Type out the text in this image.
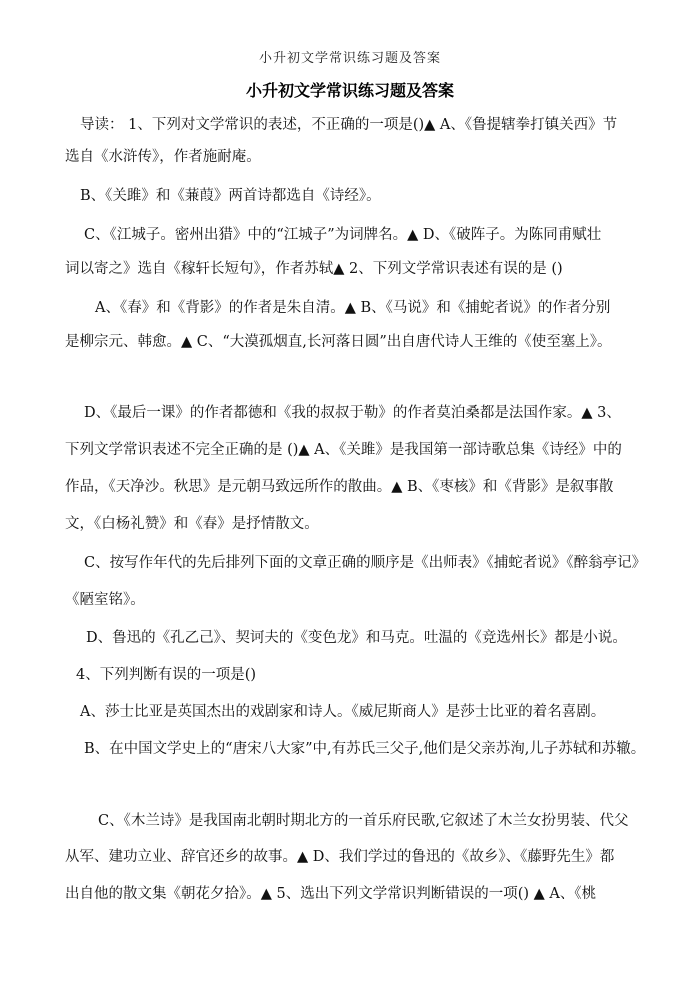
小升初文学常识练习题及答案
小升初文学常识练习题及答案
导读： 1、下列对文学常识的表述，不正确的一项是()▲ A、《鲁提辖拳打镇关西》节
选自《水浒传》，作者施耐庵。
B、《关雎》和《蒹葭》两首诗都选自《诗经》。
C、《江城子。密州出猎》中的“江城子”为词牌名。▲ D、《破阵子。为陈同甫赋壮
词以寄之》选自《稼轩长短句》，作者苏轼▲ 2、下列文学常识表述有误的是 ()
A、《春》和《背影》的作者是朱自清。▲ B、《马说》和《捕蛇者说》的作者分别
是柳宗元、韩愈。▲ C、“大漠孤烟直,长河落日圆”出自唐代诗人王维的《使至塞上》。
D、《最后一课》的作者都德和《我的叔叔于勒》的作者莫泊桑都是法国作家。▲ 3、
下列文学常识表述不完全正确的是 ()▲ A、《关雎》是我国第一部诗歌总集《诗经》中的
作品，《天净沙。秋思》是元朝马致远所作的散曲。▲ B、《枣核》和《背影》是叙事散
文，《白杨礼赞》和《春》是抒情散文。
C、按写作年代的先后排列下面的文章正确的顺序是《出师表》《捕蛇者说》《醉翁亭记》
《陋室铭》。
D、鲁迅的《孔乙己》、契诃夫的《变色龙》和马克。吐温的《竞选州长》都是小说。
4、下列判断有误的一项是()
A、莎士比亚是英国杰出的戏剧家和诗人。《威尼斯商人》是莎士比亚的着名喜剧。
B、在中国文学史上的“唐宋八大家”中,有苏氏三父子,他们是父亲苏洵,儿子苏轼和苏辙。
C、《木兰诗》是我国南北朝时期北方的一首乐府民歌,它叙述了木兰女扮男装、代父
从军、建功立业、辞官还乡的故事。▲ D、我们学过的鲁迅的《故乡》、《藤野先生》都
出自他的散文集《朝花夕拾》。▲ 5、选出下列文学常识判断错误的一项() ▲ A、《桃
